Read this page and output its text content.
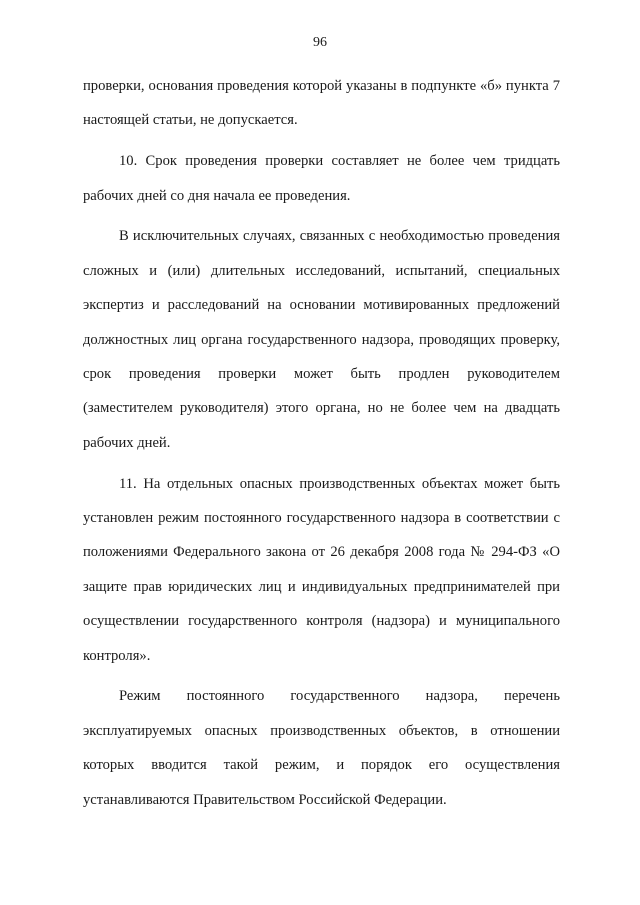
96

проверки, основания проведения которой указаны в подпункте «б» пункта 7 настоящей статьи, не допускается.

10. Срок проведения проверки составляет не более чем тридцать рабочих дней со дня начала ее проведения.

В исключительных случаях, связанных с необходимостью проведения сложных и (или) длительных исследований, испытаний, специальных экспертиз и расследований на основании мотивированных предложений должностных лиц органа государственного надзора, проводящих проверку, срок проведения проверки может быть продлен руководителем (заместителем руководителя) этого органа, но не более чем на двадцать рабочих дней.

11. На отдельных опасных производственных объектах может быть установлен режим постоянного государственного надзора в соответствии с положениями Федерального закона от 26 декабря 2008 года № 294-ФЗ «О защите прав юридических лиц и индивидуальных предпринимателей при осуществлении государственного контроля (надзора) и муниципального контроля».

Режим постоянного государственного надзора, перечень эксплуатируемых опасных производственных объектов, в отношении которых вводится такой режим, и порядок его осуществления устанавливаются Правительством Российской Федерации.
